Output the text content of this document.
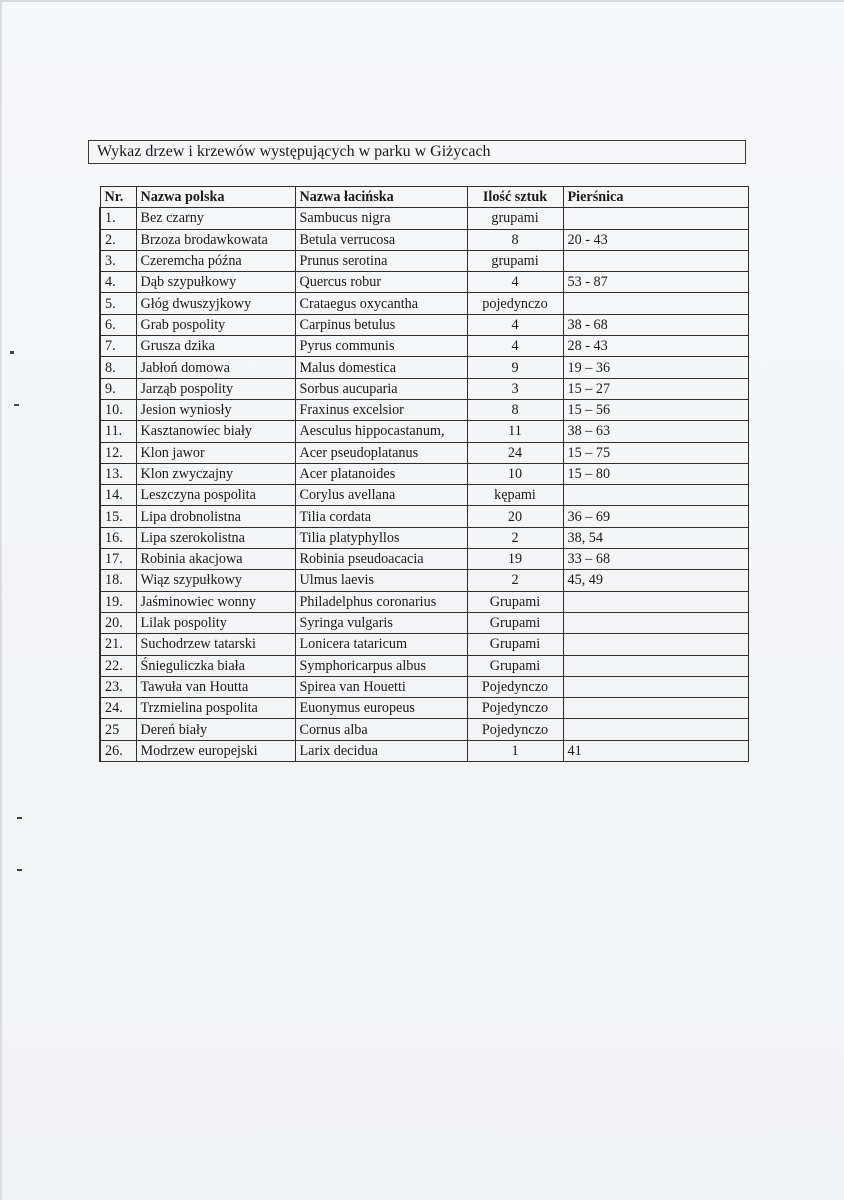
Wykaz drzew i krzewów występujących w parku w Giżycach
Nr.	Nazwa polska	Nazwa łacińska	Ilość sztuk	Pierśnica
1.	Bez czarny	Sambucus nigra	grupami	
2.	Brzoza brodawkowata	Betula verrucosa	8	20 - 43
3.	Czeremcha późna	Prunus serotina	grupami	
4.	Dąb szypułkowy	Quercus robur	4	53 - 87
5.	Głóg dwuszyjkowy	Crataegus oxycantha	pojedynczo	
6.	Grab pospolity	Carpinus betulus	4	38 - 68
7.	Grusza dzika	Pyrus communis	4	28 - 43
8.	Jabłoń domowa	Malus domestica	9	19 – 36
9.	Jarząb pospolity	Sorbus aucuparia	3	15 – 27
10.	Jesion wyniosły	Fraxinus excelsior	8	15 – 56
11.	Kasztanowiec biały	Aesculus hippocastanum,	11	38 – 63
12.	Klon jawor	Acer pseudoplatanus	24	15 – 75
13.	Klon zwyczajny	Acer platanoides	10	15 – 80
14.	Leszczyna pospolita	Corylus avellana	kępami	
15.	Lipa drobnolistna	Tilia cordata	20	36 – 69
16.	Lipa szerokolistna	Tilia platyphyllos	2	38, 54
17.	Robinia akacjowa	Robinia pseudoacacia	19	33 – 68
18.	Wiąz szypułkowy	Ulmus laevis	2	45, 49
19.	Jaśminowiec wonny	Philadelphus coronarius	Grupami	
20.	Lilak pospolity	Syringa vulgaris	Grupami	
21.	Suchodrzew tatarski	Lonicera tataricum	Grupami	
22.	Śnieguliczka biała	Symphoricarpus albus	Grupami	
23.	Tawuła van Houtta	Spirea van Houetti	Pojedynczo	
24.	Trzmielina pospolita	Euonymus europeus	Pojedynczo	
25	Dereń biały	Cornus alba	Pojedynczo	
26.	Modrzew europejski	Larix decidua	1	41
